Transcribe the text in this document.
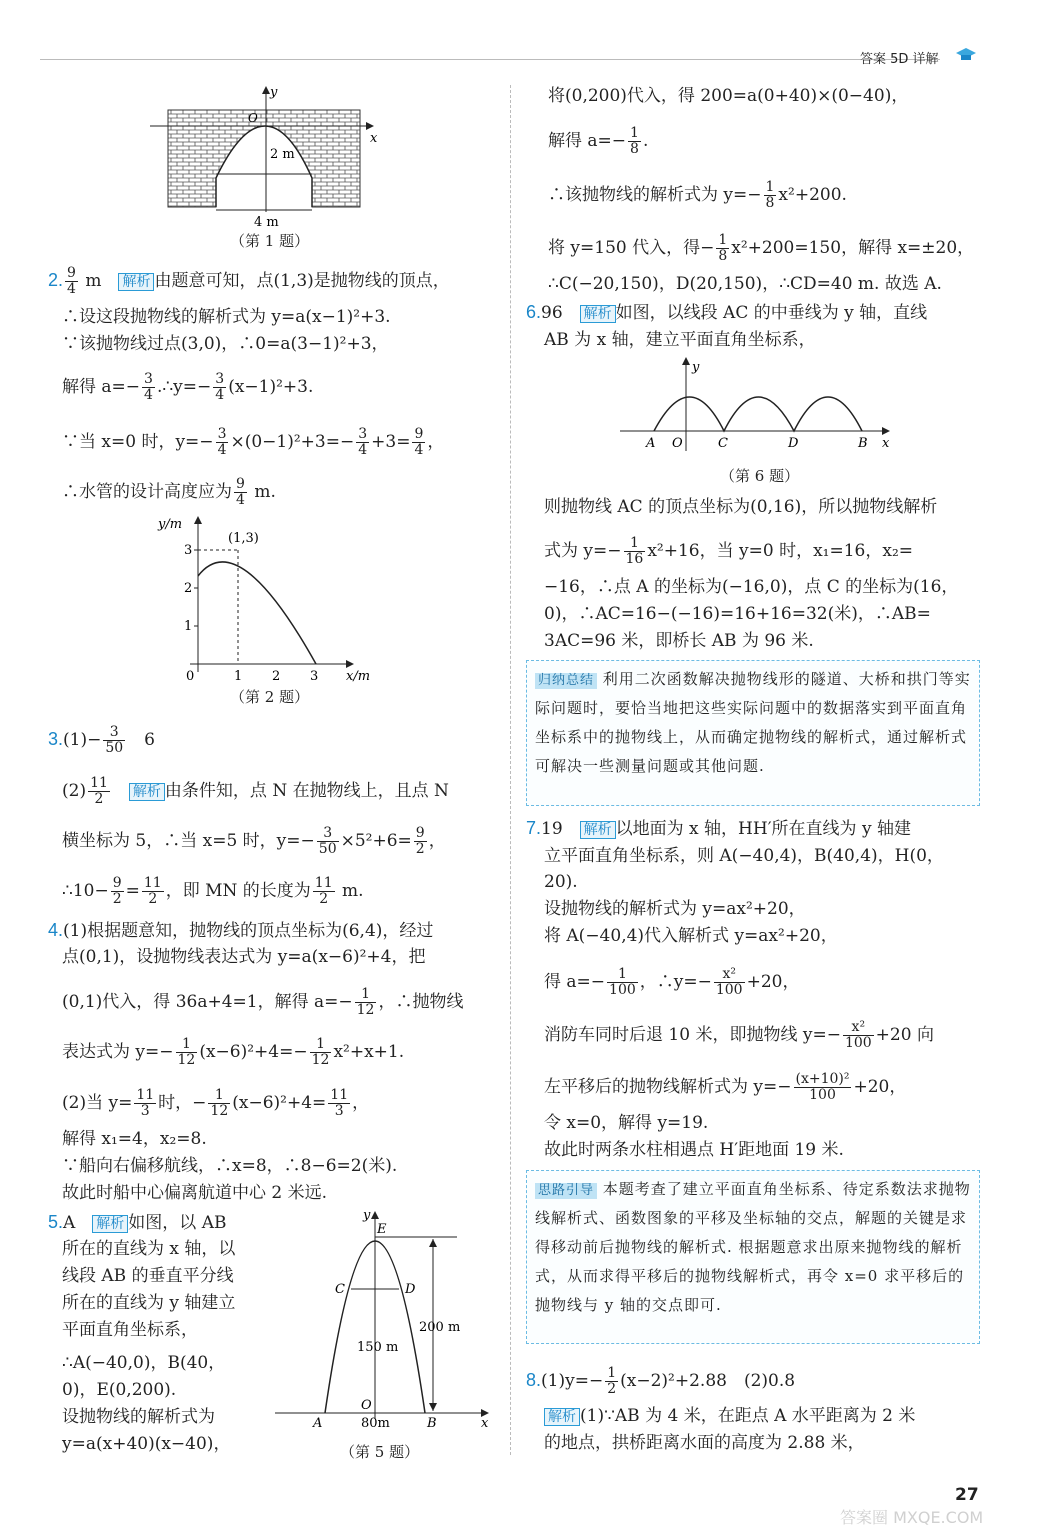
答案 5D 详解
y
x
O
2 m
4 m
（第 1 题）
2. $\frac{9}{4}$ m　 解析 由题意可知，点(1,3)是抛物线的顶点，
∴设这段抛物线的解析式为 y=a(x−1)²+3.
∵该抛物线过点(3,0)，∴0=a(3−1)²+3，
解得 $a=- \frac{3}{4}$ .∴y=− $\frac{3}{4} (x-1)^2+3$.
∵当 x=0 时，$y=- \frac{3}{4} \times(0-1)^2+3=- \frac{3}{4} +3= \frac{9}{4}$ ，
∴水管的设计高度应为 $\frac{9}{4} m$.
y/m
x/m
(1,3)
3
2
1
0	1 2 3
（第 2 题）
$3.(1)- \frac{3}{50}$
　 6
$(2) \frac{11}{2}$
　 解析 由条件知，点 N 在抛物线上，且点 N
横坐标为 5，∴当 x=5 时，$y=- \frac{3}{50} \times 5^2+6= \frac{9}{2}$ ，
∴10− $\frac{9}{2} = \frac{11}{2}$ ，即 MN 的长度为 $\frac{11}{2} m$.
4.(1)根据题意知，抛物线的顶点坐标为(6,4)，经过
点(0,1)，设抛物线表达式为 y=a(x−6)²+4，把
(0,1)代入，得 36a+4=1，解得 $a=- \frac{1}{12}$ ，∴抛物线
表达式为 $y=- \frac{1}{12} (x-6)^2+4=- \frac{1}{12} x^2+x+1$.
(2)当 $y= \frac{11}{3}$ 时，− $\frac{1}{12} (x-6)^2+4= \frac{11}{3}$ ，
解得 x₁=4，x₂=8.
∵船向右偏移航线，∴x=8，∴8−6=2(米).
故此时船中心偏离航道中心 2 米远.
5.A　 解析 如图，以 AB
所在的直线为 x 轴，以
线段 AB 的垂直平分线
所在的直线为 y 轴建立
平面直角坐标系，
∴A(−40,0)，B(40，
0)，E(0,200).
设抛物线的解析式为
y=a(x+40)(x−40)，
y
E
C	D
O
A	B	x
200 m
150 m
80m
（第 5 题）
将(0,200)代入，得 200=a(0+40)×(0−40)，
解得 $a=- \frac{1}{8}$ .
∴该抛物线的解析式为 $y=- \frac{1}{8} x^2+200$.
将 y=150 代入，得− $\frac{1}{8} x^2+200=150$，解得 x=±20，
∴C(−20,150)，D(20,150)，∴CD=40 m. 故选 A.
6.96　 解析 如图，以线段 AC 的中垂线为 y 轴，直线
AB 为 x 轴，建立平面直角坐标系，
y
A O	C	D	B x
（第 6 题）
则抛物线 AC 的顶点坐标为(0,16)，所以抛物线解析
式为 $y=- \frac{1}{16} x^2+16$，当 y=0 时，x₁=16，x₂=
−16，∴点 A 的坐标为(−16,0)，点 C 的坐标为(16，
0)，∴AC=16−(−16)=16+16=32(米)，∴AB=
3AC=96 米，即桥长 AB 为 96 米.
归纳总结 利用二次函数解决抛物线形的隧道、大桥和拱门等实际问题时，要恰当地把这些实际问题中的数据落实到平面直角坐标系中的抛物线上，从而确定抛物线的解析式，通过解析式可解决一些测量问题或其他问题.
7.19　 解析 以地面为 x 轴，HH′所在直线为 y 轴建
立平面直角坐标系，则 A(−40,4)，B(40,4)，H(0，
20).
设抛物线的解析式为 y=ax²+20，
将 A(−40,4)代入解析式 y=ax²+20，
得 $a=- \frac{1}{100}$ ，∴y=− $\frac{\text{x²}}{100} +20$，
消防车同时后退 10 米，即抛物线 $y=- \frac{\text{x²}}{100} +20$ 向
左平移后的抛物线解析式为 $y=- \frac{\text{(x+10)²}}{100} +20$，
令 x=0，解得 y=19.
故此时两条水柱相遇点 H′距地面 19 米.
思路引导 本题考查了建立平面直角坐标系、待定系数法求抛物线解析式、函数图象的平移及坐标轴的交点，解题的关键是求得移动前后抛物线的解析式. 根据题意求出原来抛物线的解析式，从而求得平移后的抛物线解析式，再令 x=0 求平移后的抛物线与 y 轴的交点即可.
$8.(1)y=- \frac{1}{2} (x-2)^2+2.88$　(2)0.8
解析 (1)∵AB 为 4 米，在距点 A 水平距离为 2 米
的地点，拱桥距离水面的高度为 2.88 米，
27
答案圈 MXQE.COM
